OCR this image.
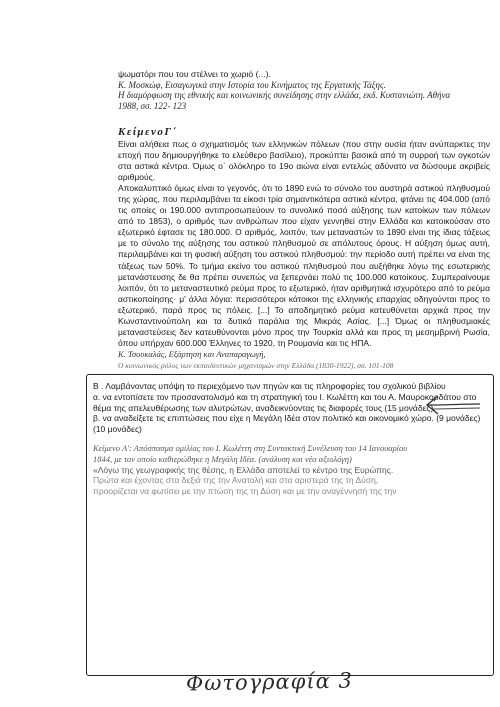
ψωματόρι που του στέλνει το χωριό (...).
Κ. Μοσκώφ, Εισαγωγικά στην Ιστορία του Κινήματος της Εργατικής Τάξης.
Η διαμόρφωση της εθνικής και κοινωνικής συνείδησης στην ελλάδα, εκδ. Κυστανιώτη. Αθήνα
1988, σσ. 122- 123
ΚείμενοΓ΄

Είναι αλήθεια πως ο σχηματισμός των ελληνικών πόλεων (που στην ουσία ήταν ανύπαρκτες την εποχή που δημιουργήθηκε το ελεύθερο βασίλειο), προκύπτει βασικά από τη συρροή των ογκοτών στα αστικά κέντρα. Όμως ο΄ ολόκληρο το 19ο αιώνα είναι εντελώς αδύνατο να δώσουμε ακριβείς αριθμούς.

Αποκαλυπτικό όμως είναι το γεγονός, ότι το 1890 ενώ το σύνολο του αυστηρά αστικού πληθυσμού της χώρας, που περιλαμβάνει τα είκοσι τρία σημαντικότερα αστικά κέντρα, φτάνει τις 404.000 (από τις οποίες οι 190.000 αντιπροσωπεύουν το συνολικό ποσό αύξησης των κατοίκων των πόλεων από το 1853), ο αριθμός των ανθρώπων που είχαν γεννηθεί στην Ελλάδα και κατοικούσαν στο εξωτερικό έφτασε τις 180.000. Ο αριθμός, λοιπόν, των μεταναστών το 1890 είναι της ίδιας τάξεως με το σύνολο της αύξησης του αστικού πληθυσμού σε απόλυτους όρους. Η αύξηση όμως αυτή, περιλαμβάνει και τη φυσική αύξηση του αστικού πληθυσμού: την περίοδο αυτή πρέπει να είναι της τάξεως των 50%. Το τμήμα εκείνο του αστικού πληθυσμού που αυξήθηκε λόγω της εσωτερικής μετανάστευσης δε θα πρέπει συνεπώς να ξεπερνάει πολύ τις 100.000 κατοίκους. Συμπεραίνουμε λοιπόν, ότι το μεταναστευτικό ρεύμα προς το εξωτερικό, ήταν αριθμητικά ισχυρότερο από το ρεύμα αστικοποίησης· μ' άλλα λόγια: περισσότεροι κάτοικοι της ελληνικής επαρχίας οδηγούνται προς το εξωτερικό, παρά προς τις πόλεις. [...] Το αποδημητικό ρεύμα κατευθύνεται αρχικά προς την Κωνσταντινούπολη και τα δυτικά παράλια της Μικράς Ασίας. [...] Όμως οι πληθυσμιακές μεταναστεύσεις δεν κατευθύνονται μόνο προς την Τουρκία αλλά και προς τη μεσημβρινή Ρωσία, όπου υπήρχαν 600.000 Έλληνες το 1920, τη Ρουμανία και τις ΗΠΑ.

Κ. Τσουκαλάς, Εξάρτηση και Αναπαραγωγή,

Ο κοινωνικός ρόλος των εκπαιδευτικών μηχανισμών στην Ελλάδα (1830-1922), σσ. 101-108

Β . Λαμβάνοντας υπόψη το περιεχόμενο των πηγών και τις πληροφορίες του σχολικού βιβλίου

α. να εντοπίσετε τον προσανατολισμό και τη στρατηγική του Ι. Κωλέττη και του Α. Μαυροκορδάτου στο θέμα της απελευθέρωσης των αλυτρώτων, αναδεικνύοντας τις διαφορές τους (15 μονάδες).

β. να αναδείξετε τις επιπτώσεις που είχε η Μεγάλη Ιδέα στον πολιτικό και οικονομικό χώρο. (9 μονάδες) (10 μονάδες)

Κείμενο Α': Απόσπασμα ομιλίας του Ι. Κωλέττη στη Συντακτική Συνέλευση του 14 Ιανουαρίου

1844, με τον οποίο καθιερώθηκε η Μεγάλη Ιδέα. (ανάλυση και νέα αξιολόγη)

«Λόγω της γεωγραφικής της θέσης, η Ελλάδα αποτελεί το κέντρο της Ευρώπης.

Πρώτα και έχοντας στα δεξιά της την Ανατολή και στα αριστερά της τη Δύση,

προορίζεται να φωτίσει με την πτώση της τη Δύση και με την αναγέννησή της την

Φωτογραφία 3
